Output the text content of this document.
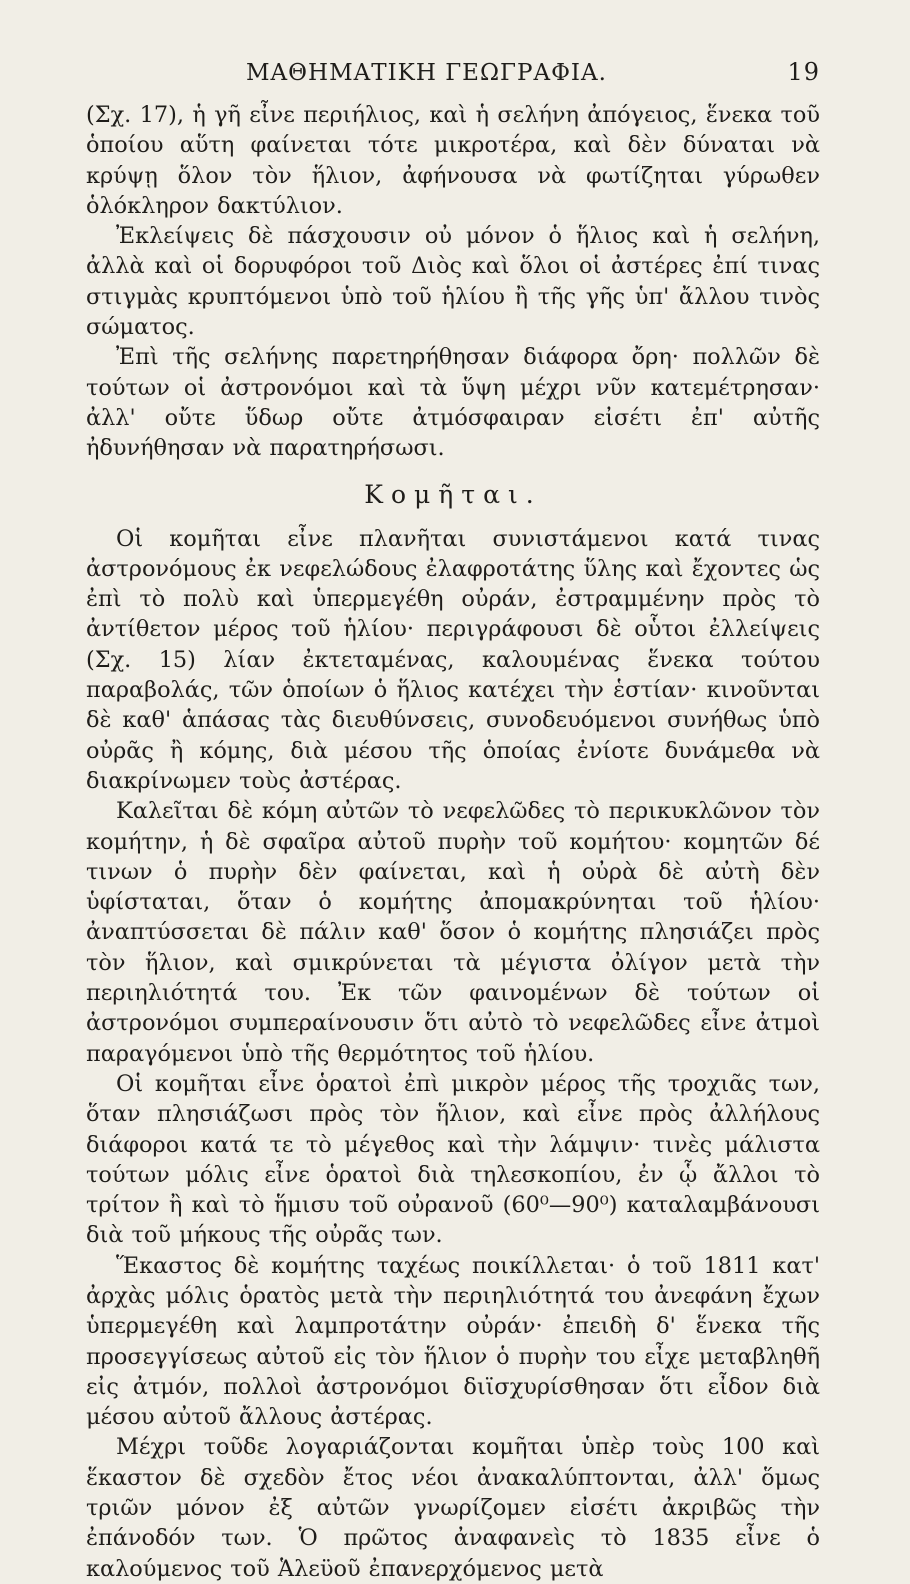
ΜΑΘΗΜΑΤΙΚΗ ΓΕΩΓΡΑΦΙΑ.	19

(Σχ. 17), ἡ γῆ εἶνε περιήλιος, καὶ ἡ σελήνη ἀπόγειος, ἕνεκα τοῦ ὁποίου αὕτη φαίνεται τότε μικροτέρα, καὶ δὲν δύναται νὰ κρύψῃ ὅλον τὸν ἥλιον, ἀφήνουσα νὰ φωτίζηται γύρωθεν ὁλόκληρον δακτύλιον.

Ἐκλείψεις δὲ πάσχουσιν οὐ μόνον ὁ ἥλιος καὶ ἡ σελήνη, ἀλλὰ καὶ οἱ δορυφόροι τοῦ Διὸς καὶ ὅλοι οἱ ἀστέρες ἐπί τινας στιγμὰς κρυπτόμενοι ὑπὸ τοῦ ἡλίου ἢ τῆς γῆς ὑπ' ἄλλου τινὸς σώματος.

Ἐπὶ τῆς σελήνης παρετηρήθησαν διάφορα ὄρη· πολλῶν δὲ τούτων οἱ ἀστρονόμοι καὶ τὰ ὕψη μέχρι νῦν κατεμέτρησαν· ἀλλ' οὔτε ὕδωρ οὔτε ἀτμόσφαιραν εἰσέτι ἐπ' αὐτῆς ἠδυνήθησαν νὰ παρατηρήσωσι.

Κομῆται.

Οἱ κομῆται εἶνε πλανῆται συνιστάμενοι κατά τινας ἀστρονόμους ἐκ νεφελώδους ἐλαφροτάτης ὕλης καὶ ἔχοντες ὡς ἐπὶ τὸ πολὺ καὶ ὑπερμεγέθη οὐράν, ἐστραμμένην πρὸς τὸ ἀντίθετον μέρος τοῦ ἡλίου· περιγράφουσι δὲ οὗτοι ἐλλείψεις (Σχ. 15) λίαν ἐκτεταμένας, καλουμένας ἕνεκα τούτου παραβολάς, τῶν ὁποίων ὁ ἥλιος κατέχει τὴν ἑστίαν· κινοῦνται δὲ καθ' ἁπάσας τὰς διευθύνσεις, συνοδευόμενοι συνήθως ὑπὸ οὐρᾶς ἢ κόμης, διὰ μέσου τῆς ὁποίας ἐνίοτε δυνάμεθα νὰ διακρίνωμεν τοὺς ἀστέρας.

Καλεῖται δὲ κόμη αὐτῶν τὸ νεφελῶδες τὸ περικυκλῶνον τὸν κομήτην, ἡ δὲ σφαῖρα αὐτοῦ πυρὴν τοῦ κομήτου· κομητῶν δέ τινων ὁ πυρὴν δὲν φαίνεται, καὶ ἡ οὐρὰ δὲ αὐτὴ δὲν ὑφίσταται, ὅταν ὁ κομήτης ἀπομακρύνηται τοῦ ἡλίου· ἀναπτύσσεται δὲ πάλιν καθ' ὅσον ὁ κομήτης πλησιάζει πρὸς τὸν ἥλιον, καὶ σμικρύνεται τὰ μέγιστα ὀλίγον μετὰ τὴν περιηλιότητά του. Ἐκ τῶν φαινομένων δὲ τούτων οἱ ἀστρονόμοι συμπεραίνουσιν ὅτι αὐτὸ τὸ νεφελῶδες εἶνε ἀτμοὶ παραγόμενοι ὑπὸ τῆς θερμότητος τοῦ ἡλίου.

Οἱ κομῆται εἶνε ὁρατοὶ ἐπὶ μικρὸν μέρος τῆς τροχιᾶς των, ὅταν πλησιάζωσι πρὸς τὸν ἥλιον, καὶ εἶνε πρὸς ἀλλήλους διάφοροι κατά τε τὸ μέγεθος καὶ τὴν λάμψιν· τινὲς μάλιστα τούτων μόλις εἶνε ὁρατοὶ διὰ τηλεσκοπίου, ἐν ᾧ ἄλλοι τὸ τρίτον ἢ καὶ τὸ ἥμισυ τοῦ οὐρανοῦ (60⁰—90⁰) καταλαμβάνουσι διὰ τοῦ μήκους τῆς οὐρᾶς των.

Ἕκαστος δὲ κομήτης ταχέως ποικίλλεται· ὁ τοῦ 1811 κατ' ἀρχὰς μόλις ὁρατὸς μετὰ τὴν περιηλιότητά του ἀνεφάνη ἔχων ὑπερμεγέθη καὶ λαμπροτάτην οὐράν· ἐπειδὴ δ' ἕνεκα τῆς προσεγγίσεως αὐτοῦ εἰς τὸν ἥλιον ὁ πυρὴν του εἶχε μεταβληθῆ εἰς ἀτμόν, πολλοὶ ἀστρονόμοι διϊσχυρίσθησαν ὅτι εἶδον διὰ μέσου αὐτοῦ ἄλλους ἀστέρας.

Μέχρι τοῦδε λογαριάζονται κομῆται ὑπὲρ τοὺς 100 καὶ ἕκαστον δὲ σχεδὸν ἔτος νέοι ἀνακαλύπτονται, ἀλλ' ὅμως τριῶν μόνον ἐξ αὐτῶν γνωρίζομεν εἰσέτι ἀκριβῶς τὴν ἐπάνοδόν των. Ὁ πρῶτος ἀναφανεὶς τὸ 1835 εἶνε ὁ καλούμενος τοῦ Ἁλεϋοῦ ἐπανερχόμενος μετὰ
